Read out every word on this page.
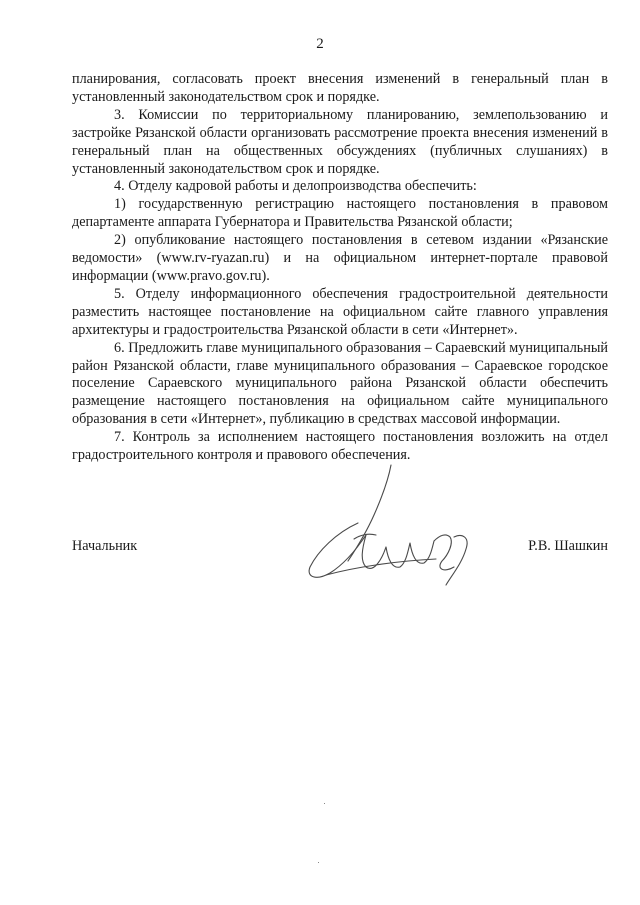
2

планирования, согласовать проект внесения изменений в генеральный план в установленный законодательством срок и порядке.

3. Комиссии по территориальному планированию, землепользованию и застройке Рязанской области организовать рассмотрение проекта внесения изменений в генеральный план на общественных обсуждениях (публичных слушаниях) в установленный законодательством срок и порядке.

4. Отделу кадровой работы и делопроизводства обеспечить:

1) государственную регистрацию настоящего постановления в правовом департаменте аппарата Губернатора и Правительства Рязанской области;

2) опубликование настоящего постановления в сетевом издании «Рязанские ведомости» (www.rv-ryazan.ru) и на официальном интернет-портале правовой информации (www.pravo.gov.ru).

5. Отделу информационного обеспечения градостроительной деятельности разместить настоящее постановление на официальном сайте главного управления архитектуры и градостроительства Рязанской области в сети «Интернет».

6. Предложить главе муниципального образования – Сараевский муниципальный район Рязанской области, главе муниципального образования – Сараевское городское поселение Сараевского муниципального района Рязанской области обеспечить размещение настоящего постановления на официальном сайте муниципального образования в сети «Интернет», публикацию в средствах массовой информации.

7. Контроль за исполнением настоящего постановления возложить на отдел градостроительного контроля и правового обеспечения.

Начальник	Р.В. Шашкин
